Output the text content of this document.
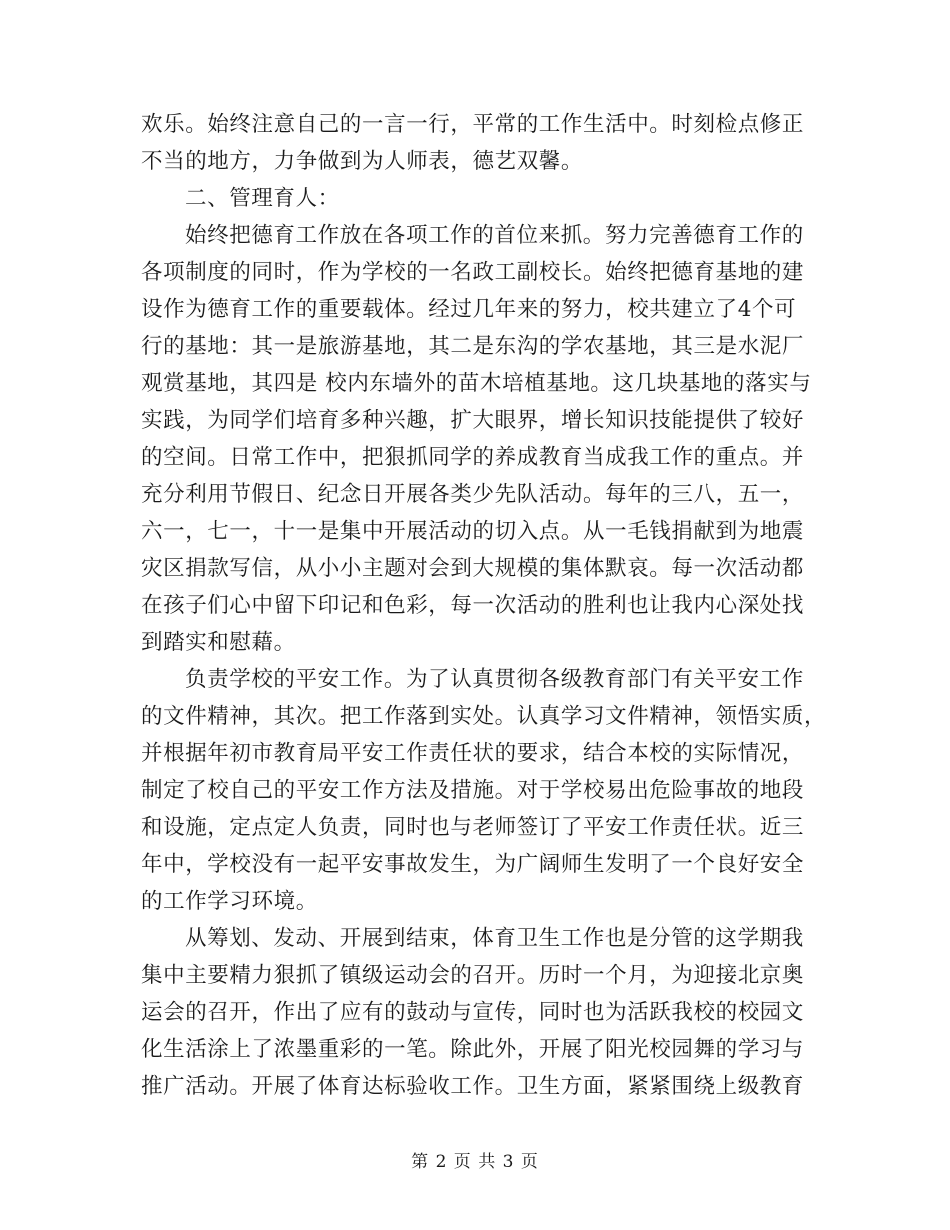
欢乐。始终注意自己的一言一行，平常的工作生活中。时刻检点修正
不当的地方，力争做到为人师表，德艺双馨。
二、管理育人：
始终把德育工作放在各项工作的首位来抓。努力完善德育工作的
各项制度的同时，作为学校的一名政工副校长。始终把德育基地的建
设作为德育工作的重要载体。经过几年来的努力，校共建立了4个可
行的基地：其一是旅游基地，其二是东沟的学农基地，其三是水泥厂
观赏基地，其四是 校内东墙外的苗木培植基地。这几块基地的落实与
实践，为同学们培育多种兴趣，扩大眼界，增长知识技能提供了较好
的空间。日常工作中，把狠抓同学的养成教育当成我工作的重点。并
充分利用节假日、纪念日开展各类少先队活动。每年的三八，五一，
六一，七一，十一是集中开展活动的切入点。从一毛钱捐献到为地震
灾区捐款写信，从小小主题对会到大规模的集体默哀。每一次活动都
在孩子们心中留下印记和色彩，每一次活动的胜利也让我内心深处找
到踏实和慰藉。
负责学校的平安工作。为了认真贯彻各级教育部门有关平安工作
的文件精神，其次。把工作落到实处。认真学习文件精神，领悟实质，
并根据年初市教育局平安工作责任状的要求，结合本校的实际情况，
制定了校自己的平安工作方法及措施。对于学校易出危险事故的地段
和设施，定点定人负责，同时也与老师签订了平安工作责任状。近三
年中，学校没有一起平安事故发生，为广阔师生发明了一个良好安全
的工作学习环境。
从筹划、发动、开展到结束，体育卫生工作也是分管的这学期我
集中主要精力狠抓了镇级运动会的召开。历时一个月，为迎接北京奥
运会的召开，作出了应有的鼓动与宣传，同时也为活跃我校的校园文
化生活涂上了浓墨重彩的一笔。除此外，开展了阳光校园舞的学习与
推广活动。开展了体育达标验收工作。卫生方面，紧紧围绕上级教育
第 2 页 共 3 页
